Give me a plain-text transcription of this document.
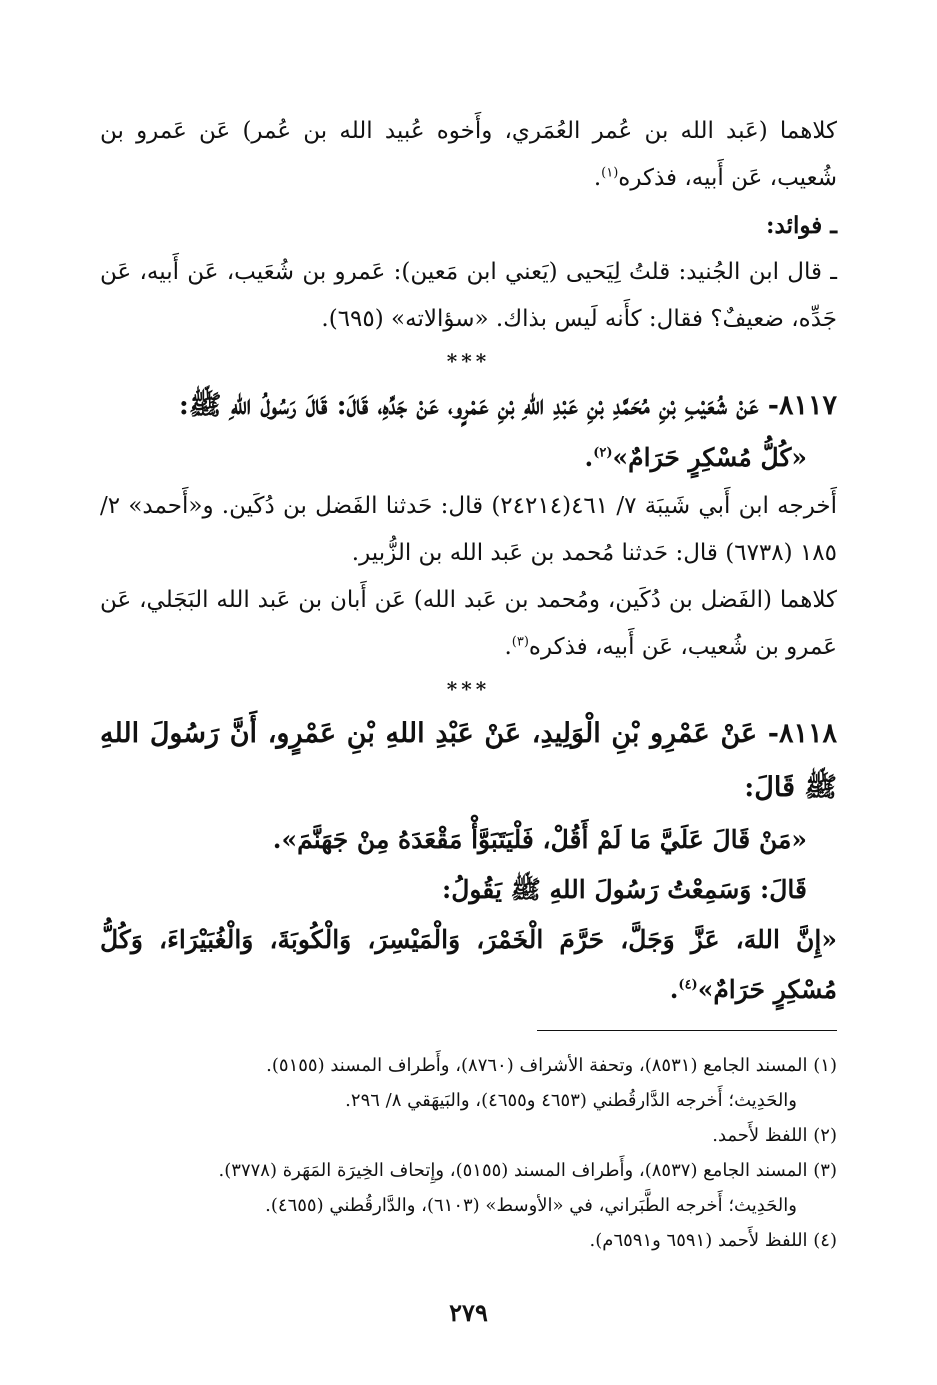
كلاهما (عَبد الله بن عُمر العُمَري، وأَخوه عُبيد الله بن عُمر) عَن عَمرو بن شُعيب، عَن أَبيه، فذكره$^{(١)}$.

ـ فوائد:

ـ قال ابن الجُنيد: قلتُ لِيَحيى (يَعني ابن مَعين): عَمرو بن شُعَيب، عَن أَبيه، عَن جَدِّه، ضعيفٌ؟ فقال: كأَنه لَيس بذاك. «سؤالاته» (٦٩٥).

***

٨١١٧- عَنْ شُعَيْبِ بْنِ مُحَمَّدِ بْنِ عَبْدِ اللهِ بْنِ عَمْرٍو، عَنْ جَدِّهِ، قَالَ: قَالَ رَسُولُ اللهِ ﷺ:

«كُلُّ مُسْكِرٍ حَرَامٌ»$^{(٢)}$.

أَخرجه ابن أَبي شَيبَة ٧/ ٤٦١(٢٤٢١٤) قال: حَدثنا الفَضل بن دُكَين. و«أَحمد» ٢/ ١٨٥ (٦٧٣٨) قال: حَدثنا مُحمد بن عَبد الله بن الزُّبير.

كلاهما (الفَضل بن دُكَين، ومُحمد بن عَبد الله) عَن أَبان بن عَبد الله البَجَلي، عَن عَمرو بن شُعيب، عَن أَبيه، فذكره$^{(٣)}$.

***

٨١١٨- عَنْ عَمْرِو بْنِ الْوَلِيدِ، عَنْ عَبْدِ اللهِ بْنِ عَمْرٍو، أَنَّ رَسُولَ اللهِ ﷺ قَالَ:

«مَنْ قَالَ عَلَيَّ مَا لَمْ أَقُلْ، فَلْيَتَبَوَّأْ مَقْعَدَهُ مِنْ جَهَنَّمَ».

قَالَ: وَسَمِعْتُ رَسُولَ اللهِ ﷺ يَقُولُ:

«إِنَّ اللهَ، عَزَّ وَجَلَّ، حَرَّمَ الْخَمْرَ، وَالْمَيْسِرَ، وَالْكُوبَةَ، وَالْغُبَيْرَاءَ، وَكُلُّ مُسْكِرٍ حَرَامٌ»$^{(٤)}$.

(١) المسند الجامع (٨٥٣١)، وتحفة الأشراف (٨٧٦٠)، وأَطراف المسند (٥١٥٥).

والحَدِيث؛ أَخرجه الدَّارقُطني (٤٦٥٣ و٤٦٥٥)، والبَيهَقي ٨/ ٢٩٦.

(٢) اللفظ لأَحمد.

(٣) المسند الجامع (٨٥٣٧)، وأَطراف المسند (٥١٥٥)، وإِتحاف الخِيرَة المَهَرة (٣٧٧٨).

والحَدِيث؛ أَخرجه الطَّبَراني، في «الأوسط» (٦١٠٣)، والدَّارقُطني (٤٦٥٥).

(٤) اللفظ لأَحمد (٦٥٩١ و٦٥٩١م).

٢٧٩
